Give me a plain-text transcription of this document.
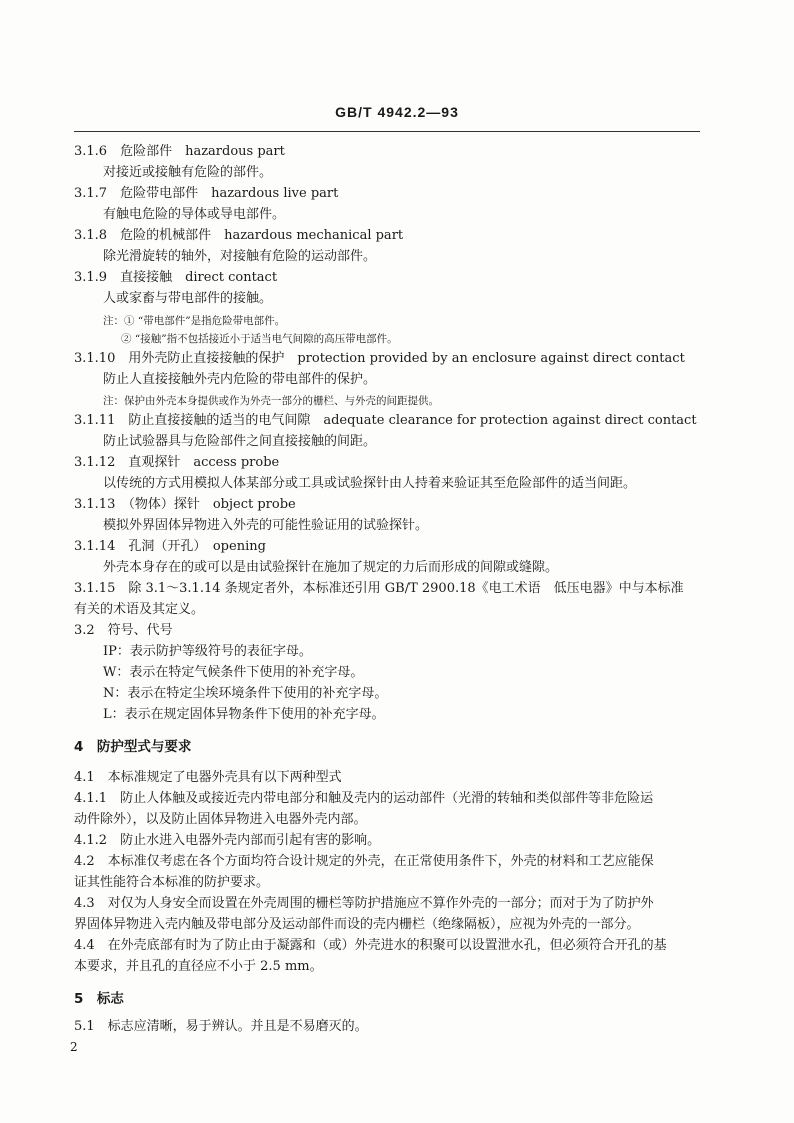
GB/T 4942.2—93
3.1.6　危险部件　hazardous part
对接近或接触有危险的部件。
3.1.7　危险带电部件　hazardous live part
有触电危险的导体或导电部件。
3.1.8　危险的机械部件　hazardous mechanical part
除光滑旋转的轴外，对接触有危险的运动部件。
3.1.9　直接接触　direct contact
人或家畜与带电部件的接触。
注：① “带电部件”是指危险带电部件。
② “接触”指不包括接近小于适当电气间隙的高压带电部件。
3.1.10　用外壳防止直接接触的保护　protection provided by an enclosure against direct contact
防止人直接接触外壳内危险的带电部件的保护。
注：保护由外壳本身提供或作为外壳一部分的栅栏、与外壳的间距提供。
3.1.11　防止直接接触的适当的电气间隙　adequate clearance for protection against direct contact
防止试验器具与危险部件之间直接接触的间距。
3.1.12　直观探针　access probe
以传统的方式用模拟人体某部分或工具或试验探针由人持着来验证其至危险部件的适当间距。
3.1.13　（物体）探针　object probe
模拟外界固体异物进入外壳的可能性验证用的试验探针。
3.1.14　孔洞（开孔）　opening
外壳本身存在的或可以是由试验探针在施加了规定的力后而形成的间隙或缝隙。
3.1.15　除 3.1～3.1.14 条规定者外，本标准还引用 GB/T 2900.18《电工术语　低压电器》中与本标准
有关的术语及其定义。
3.2　符号、代号
IP：表示防护等级符号的表征字母。
W：表示在特定气候条件下使用的补充字母。
N：表示在特定尘埃环境条件下使用的补充字母。
L：表示在规定固体异物条件下使用的补充字母。
4　防护型式与要求
4.1　本标准规定了电器外壳具有以下两种型式
4.1.1　防止人体触及或接近壳内带电部分和触及壳内的运动部件（光滑的转轴和类似部件等非危险运
动件除外），以及防止固体异物进入电器外壳内部。
4.1.2　防止水进入电器外壳内部而引起有害的影响。
4.2　本标准仅考虑在各个方面均符合设计规定的外壳，在正常使用条件下，外壳的材料和工艺应能保
证其性能符合本标准的防护要求。
4.3　对仅为人身安全而设置在外壳周围的栅栏等防护措施应不算作外壳的一部分；而对于为了防护外
界固体异物进入壳内触及带电部分及运动部件而设的壳内栅栏（绝缘隔板），应视为外壳的一部分。
4.4　在外壳底部有时为了防止由于凝露和（或）外壳进水的积聚可以设置泄水孔，但必须符合开孔的基
本要求，并且孔的直径应不小于 2.5 mm。
5　标志
5.1　标志应清晰，易于辨认。并且是不易磨灭的。
2
